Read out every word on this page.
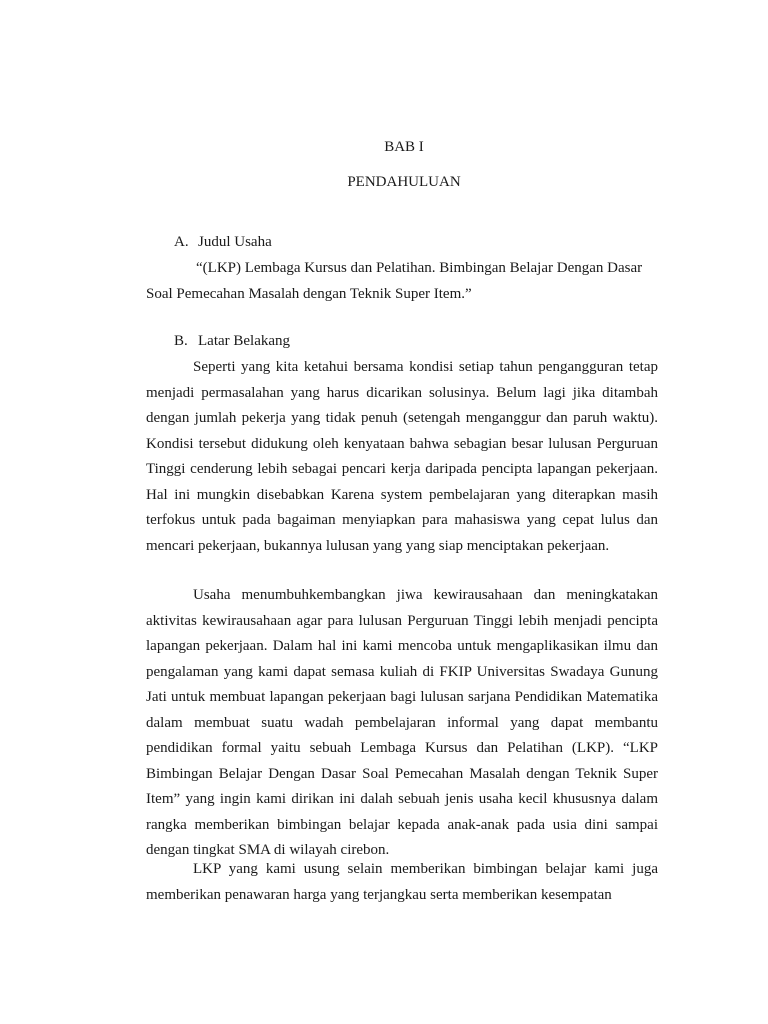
BAB I
PENDAHULUAN
A. Judul Usaha

“(LKP) Lembaga Kursus dan Pelatihan. Bimbingan Belajar Dengan Dasar Soal Pemecahan Masalah dengan Teknik Super Item.”

B. Latar Belakang

Seperti yang kita ketahui bersama kondisi setiap tahun pengangguran tetap menjadi permasalahan yang harus dicarikan solusinya. Belum lagi jika ditambah dengan jumlah pekerja yang tidak penuh (setengah menganggur dan paruh waktu). Kondisi tersebut didukung oleh kenyataan bahwa sebagian besar lulusan Perguruan Tinggi cenderung lebih sebagai pencari kerja daripada pencipta lapangan pekerjaan. Hal ini mungkin disebabkan Karena system pembelajaran yang diterapkan masih terfokus untuk pada bagaiman menyiapkan para mahasiswa yang cepat lulus dan mencari pekerjaan, bukannya lulusan yang yang siap menciptakan pekerjaan.

Usaha menumbuhkembangkan jiwa kewirausahaan dan meningkatakan aktivitas kewirausahaan agar para lulusan Perguruan Tinggi lebih menjadi pencipta lapangan pekerjaan. Dalam hal ini kami mencoba untuk mengaplikasikan ilmu dan pengalaman yang kami dapat semasa kuliah di FKIP Universitas Swadaya Gunung Jati untuk membuat lapangan pekerjaan bagi lulusan sarjana Pendidikan Matematika dalam membuat suatu wadah pembelajaran informal yang dapat membantu pendidikan formal yaitu sebuah Lembaga Kursus dan Pelatihan (LKP). “LKP Bimbingan Belajar Dengan Dasar Soal Pemecahan Masalah dengan Teknik Super Item” yang ingin kami dirikan ini dalah sebuah jenis usaha kecil khususnya dalam rangka memberikan bimbingan belajar kepada anak-anak pada usia dini sampai dengan tingkat SMA di wilayah cirebon.

LKP yang kami usung selain memberikan bimbingan belajar kami juga memberikan penawaran harga yang terjangkau serta memberikan kesempatan
